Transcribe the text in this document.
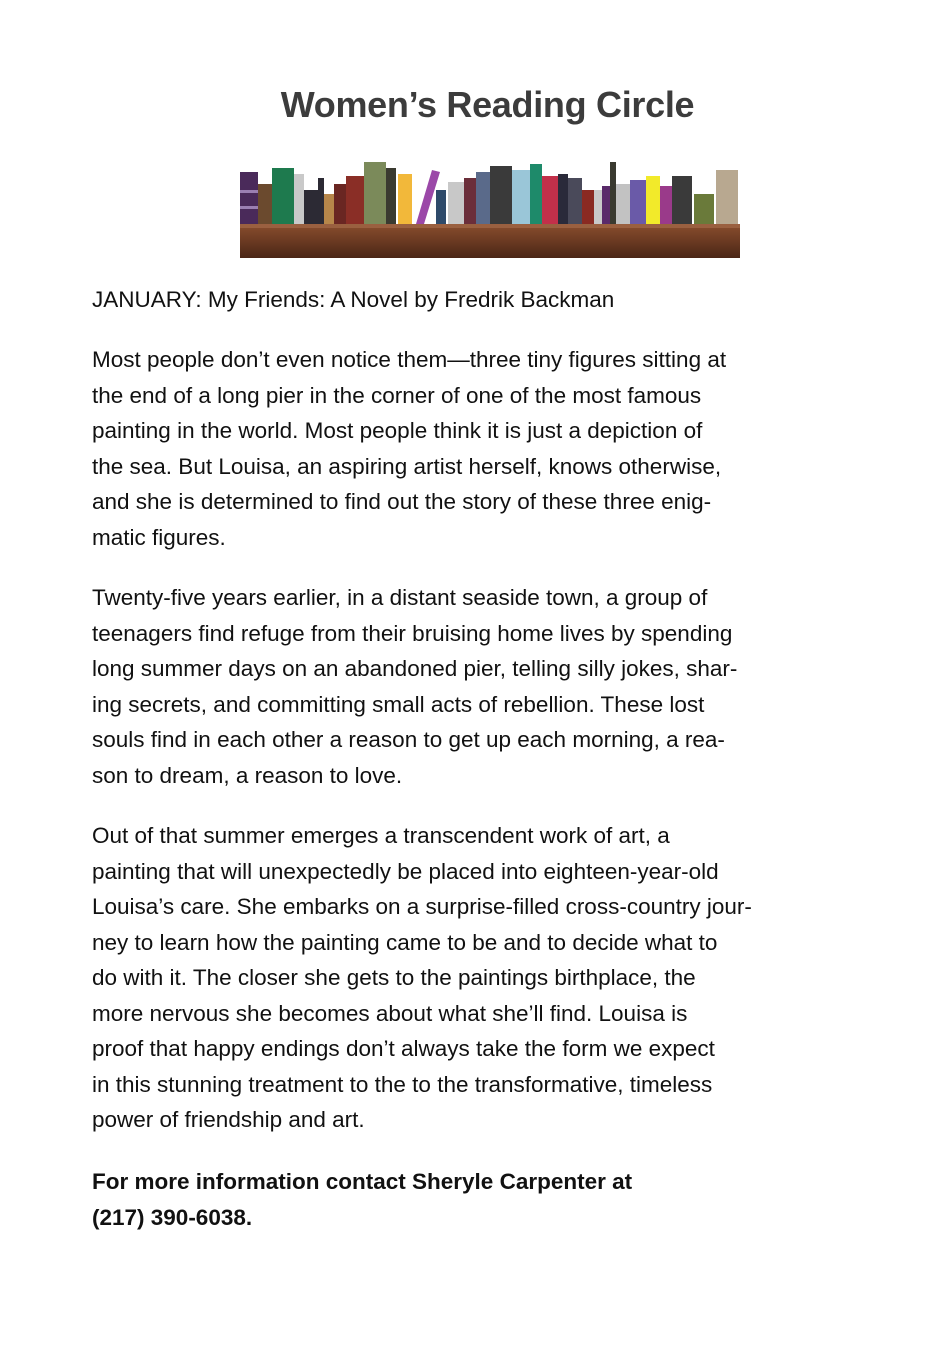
Women’s Reading Circle
JANUARY: My Friends: A Novel by Fredrik Backman

Most people don’t even notice them—three tiny figures sitting at

the end of a long pier in the corner of one of the most famous

painting in the world. Most people think it is just a depiction of

the sea. But Louisa, an aspiring artist herself, knows otherwise,

and she is determined to find out the story of these three enig-

matic figures.

Twenty-five years earlier, in a distant seaside town, a group of

teenagers find refuge from their bruising home lives by spending

long summer days on an abandoned pier, telling silly jokes, shar-

ing secrets, and committing small acts of rebellion. These lost

souls find in each other a reason to get up each morning, a rea-

son to dream, a reason to love.

Out of that summer emerges a transcendent work of art, a

painting that will unexpectedly be placed into eighteen-year-old

Louisa’s care. She embarks on a surprise-filled cross-country jour-

ney to learn how the painting came to be and to decide what to

do with it. The closer she gets to the paintings birthplace, the

more nervous she becomes about what she’ll find. Louisa is

proof that happy endings don’t always take the form we expect

in this stunning treatment to the to the transformative, timeless

power of friendship and art.

For more information contact Sheryle Carpenter at

(217) 390-6038.
